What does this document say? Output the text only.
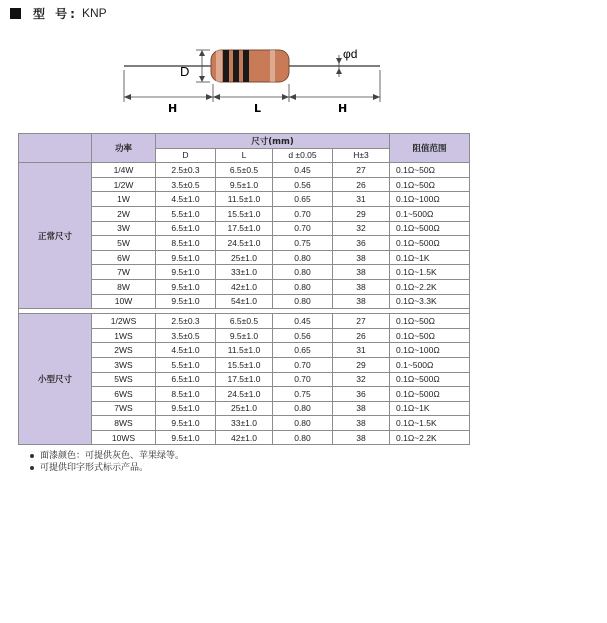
型 号: KNP
D
φd
H	L	H
	功率	尺寸(mm)				阻值范围
		D	L	d ±0.05	H±3	
正常尺寸	1/4W	2.5±0.3	6.5±0.5	0.45	27	0.1Ω~50Ω
	1/2W	3.5±0.5	9.5±1.0	0.56	26	0.1Ω~50Ω
	1W	4.5±1.0	11.5±1.0	0.65	31	0.1Ω~100Ω
	2W	5.5±1.0	15.5±1.0	0.70	29	0.1~500Ω
	3W	6.5±1.0	17.5±1.0	0.70	32	0.1Ω~500Ω
	5W	8.5±1.0	24.5±1.0	0.75	36	0.1Ω~500Ω
	6W	9.5±1.0	25±1.0	0.80	38	0.1Ω~1K
	7W	9.5±1.0	33±1.0	0.80	38	0.1Ω~1.5K
	8W	9.5±1.0	42±1.0	0.80	38	0.1Ω~2.2K
	10W	9.5±1.0	54±1.0	0.80	38	0.1Ω~3.3K

小型尺寸	1/2WS	2.5±0.3	6.5±0.5	0.45	27	0.1Ω~50Ω
	1WS	3.5±0.5	9.5±1.0	0.56	26	0.1Ω~50Ω
	2WS	4.5±1.0	11.5±1.0	0.65	31	0.1Ω~100Ω
	3WS	5.5±1.0	15.5±1.0	0.70	29	0.1~500Ω
	5WS	6.5±1.0	17.5±1.0	0.70	32	0.1Ω~500Ω
	6WS	8.5±1.0	24.5±1.0	0.75	36	0.1Ω~500Ω
	7WS	9.5±1.0	25±1.0	0.80	38	0.1Ω~1K
	8WS	9.5±1.0	33±1.0	0.80	38	0.1Ω~1.5K
	10WS	9.5±1.0	42±1.0	0.80	38	0.1Ω~2.2K
面漆颜色：可提供灰色、苹果绿等。
可提供印字形式标示产品。
